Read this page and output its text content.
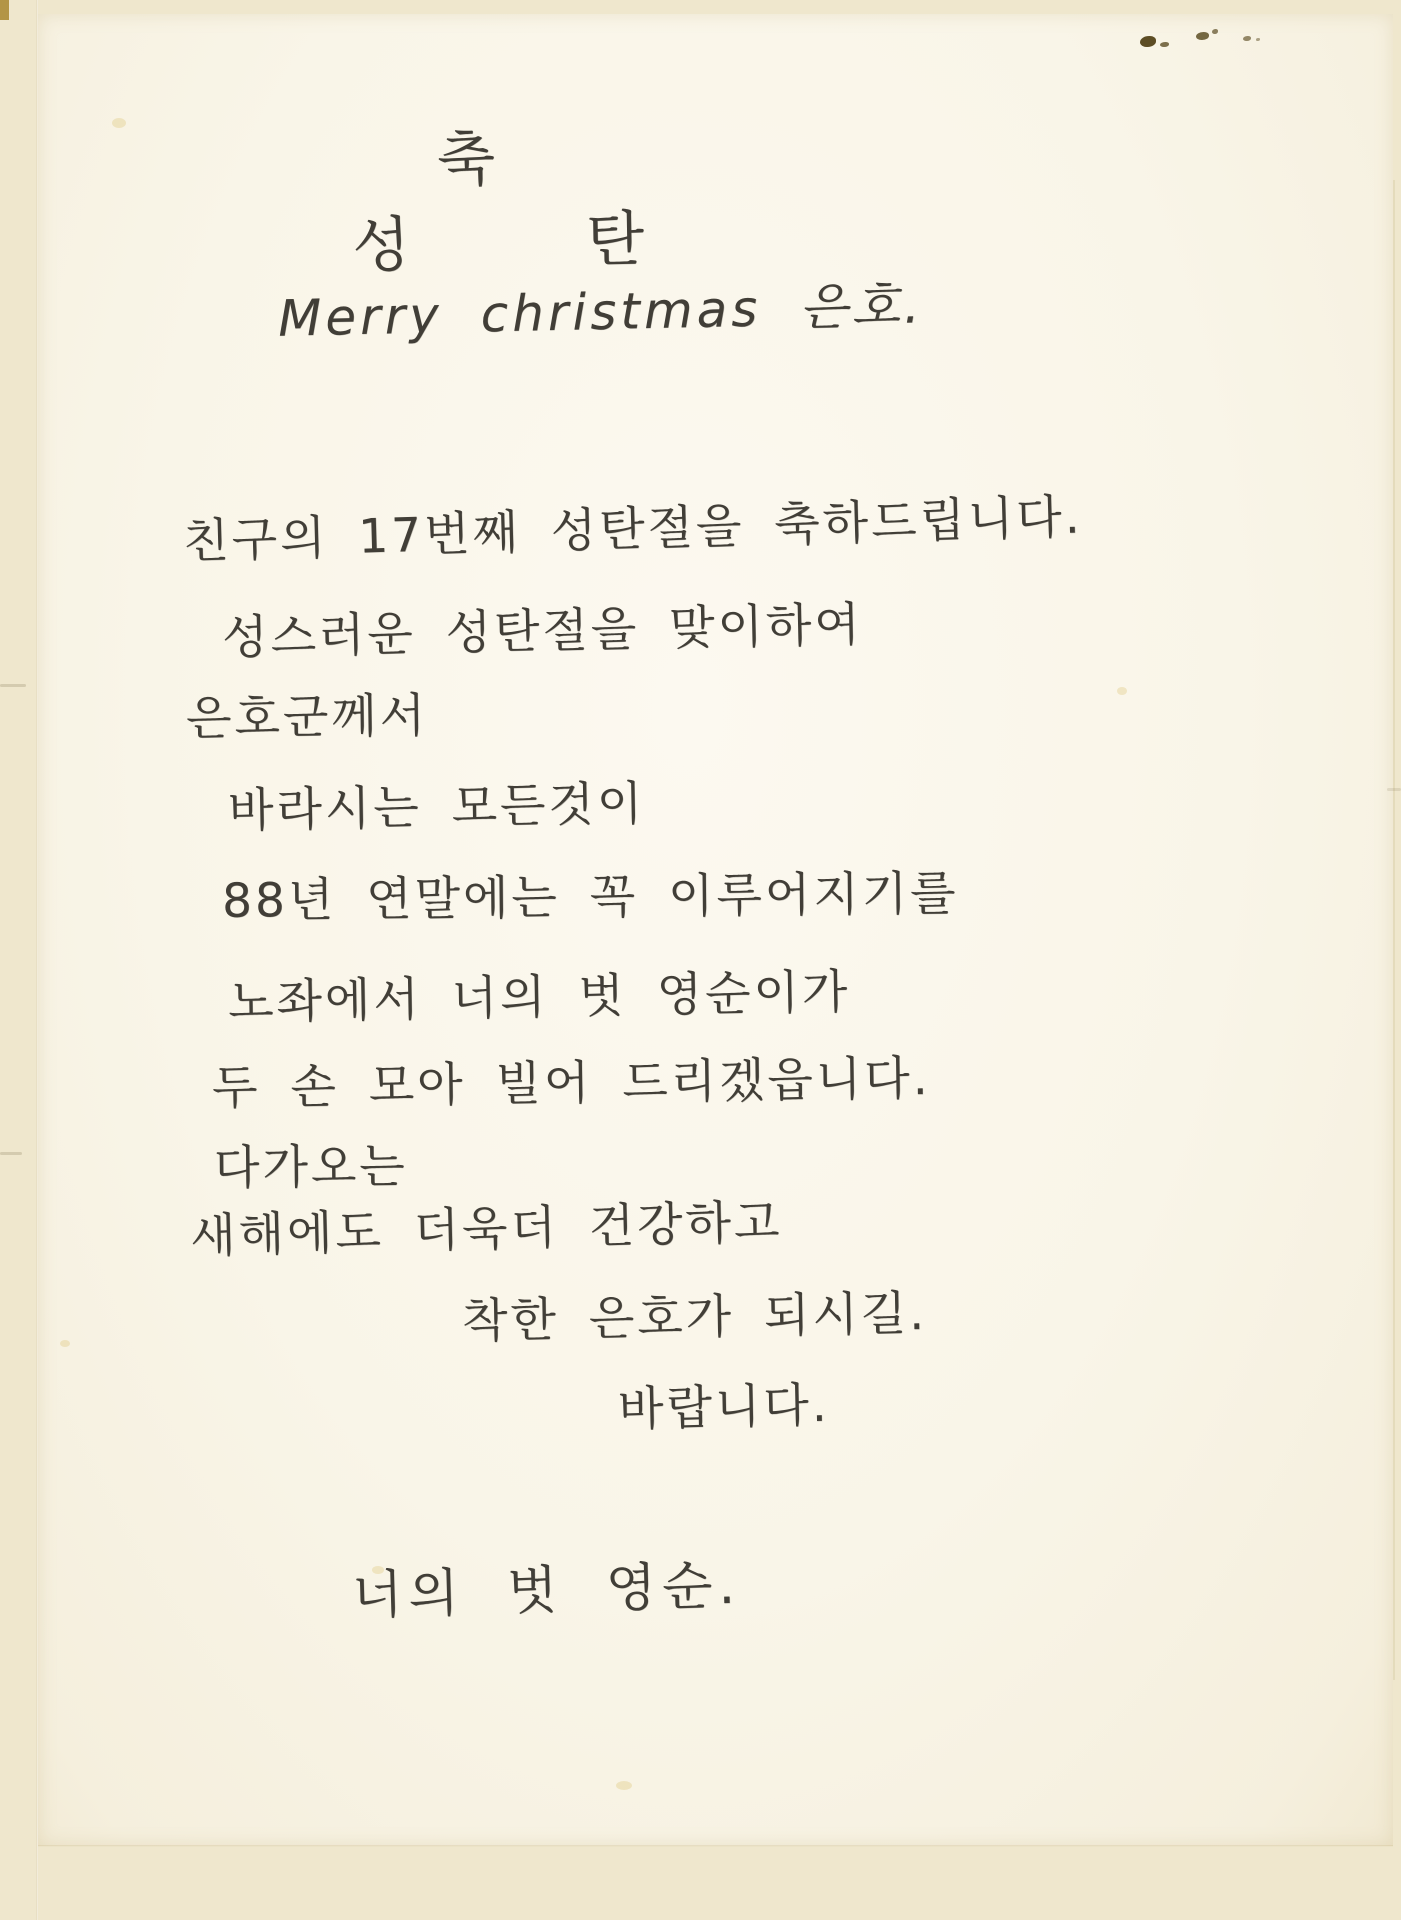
축
성	탄
Merry christmas 은호.
친구의 17번째 성탄절을 축하드립니다.
성스러운 성탄절을 맞이하여
은호군께서
바라시는 모든것이
88년 연말에는 꼭 이루어지기를
노좌에서 너의 벗 영순이가
두 손 모아 빌어 드리겠읍니다.
다가오는
새해에도 더욱더 건강하고
착한 은호가 되시길.
바랍니다.
너의 벗 영순.
